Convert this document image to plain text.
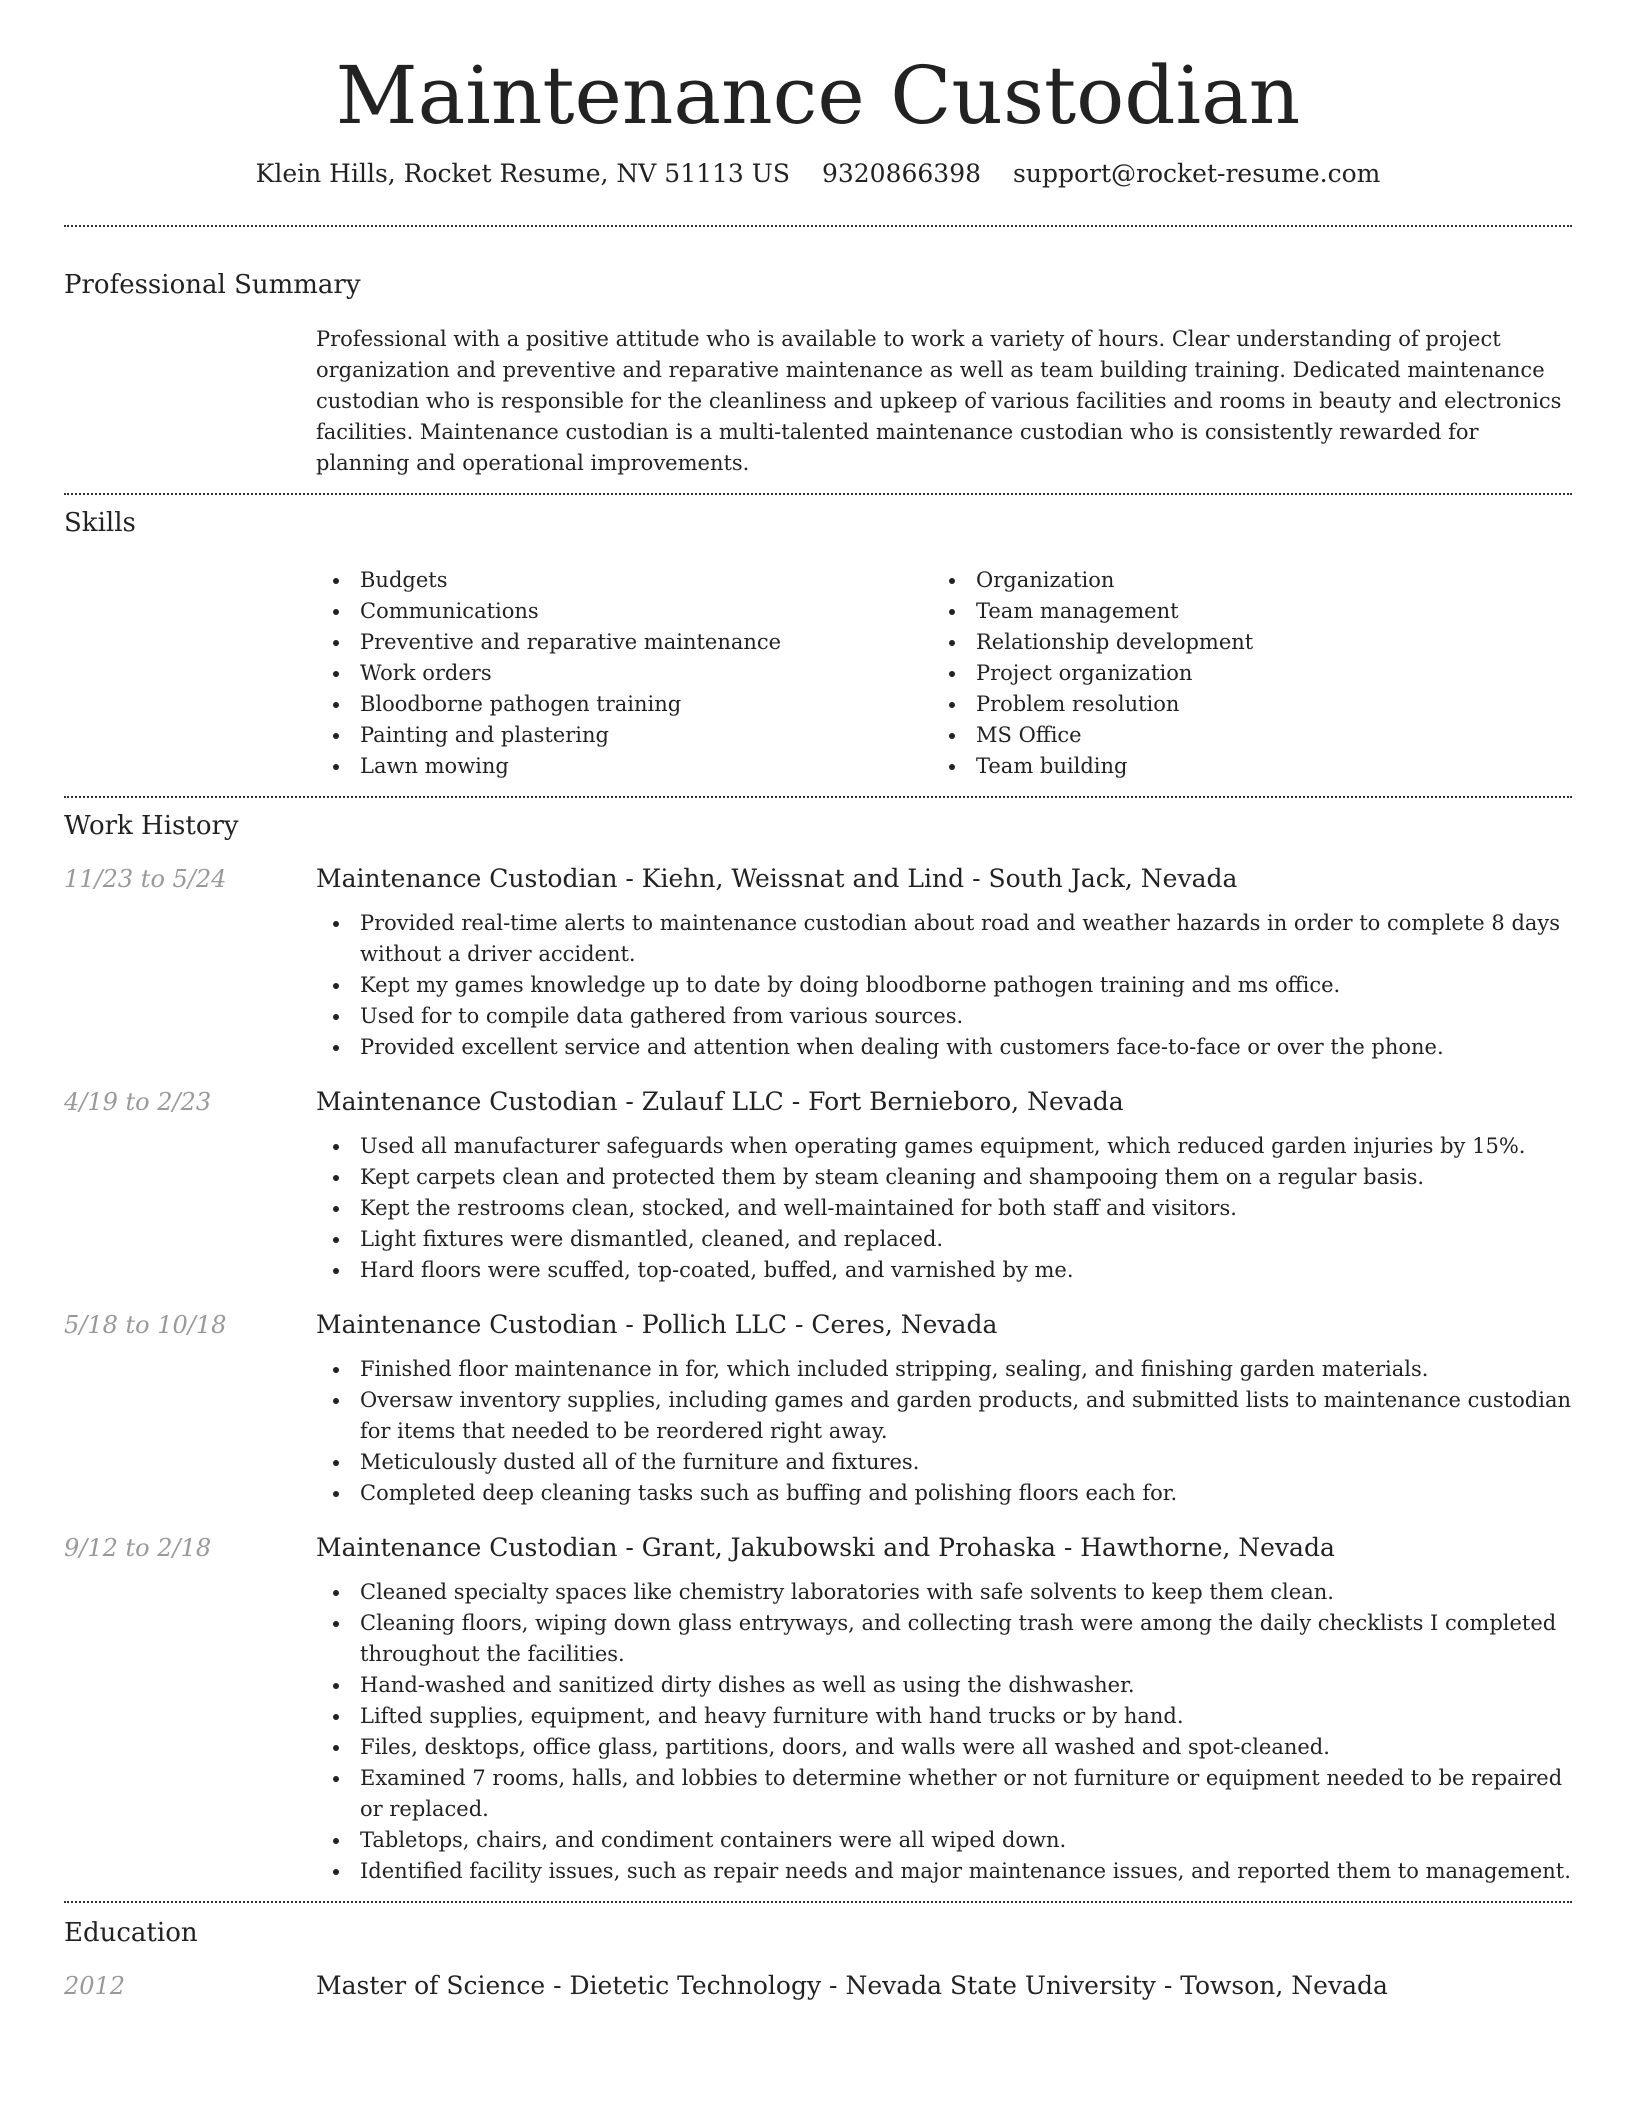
Maintenance Custodian
Klein Hills, Rocket Resume, NV 51113 US 9320866398 support@rocket-resume.com
Professional Summary

Professional with a positive attitude who is available to work a variety of hours. Clear understanding of project organization and preventive and reparative maintenance as well as team building training. Dedicated maintenance custodian who is responsible for the cleanliness and upkeep of various facilities and rooms in beauty and electronics facilities. Maintenance custodian is a multi-talented maintenance custodian who is consistently rewarded for planning and operational improvements.

Skills
Budgets
Communications
Preventive and reparative maintenance
Work orders
Bloodborne pathogen training
Painting and plastering
Lawn mowing
Organization
Team management
Relationship development
Project organization
Problem resolution
MS Office
Team building
Work History
11/23 to 5/24	Maintenance Custodian - Kiehn, Weissnat and Lind - South Jack, Nevada
Provided real-time alerts to maintenance custodian about road and weather hazards in order to complete 8 days without a driver accident.
Kept my games knowledge up to date by doing bloodborne pathogen training and ms office.
Used for to compile data gathered from various sources.
Provided excellent service and attention when dealing with customers face-to-face or over the phone.
4/19 to 2/23	Maintenance Custodian - Zulauf LLC - Fort Bernieboro, Nevada
Used all manufacturer safeguards when operating games equipment, which reduced garden injuries by 15%.
Kept carpets clean and protected them by steam cleaning and shampooing them on a regular basis.
Kept the restrooms clean, stocked, and well-maintained for both staff and visitors.
Light fixtures were dismantled, cleaned, and replaced.
Hard floors were scuffed, top-coated, buffed, and varnished by me.
5/18 to 10/18	Maintenance Custodian - Pollich LLC - Ceres, Nevada
Finished floor maintenance in for, which included stripping, sealing, and finishing garden materials.
Oversaw inventory supplies, including games and garden products, and submitted lists to maintenance custodian for items that needed to be reordered right away.
Meticulously dusted all of the furniture and fixtures.
Completed deep cleaning tasks such as buffing and polishing floors each for.
9/12 to 2/18	Maintenance Custodian - Grant, Jakubowski and Prohaska - Hawthorne, Nevada
Cleaned specialty spaces like chemistry laboratories with safe solvents to keep them clean.
Cleaning floors, wiping down glass entryways, and collecting trash were among the daily checklists I completed throughout the facilities.
Hand-washed and sanitized dirty dishes as well as using the dishwasher.
Lifted supplies, equipment, and heavy furniture with hand trucks or by hand.
Files, desktops, office glass, partitions, doors, and walls were all washed and spot-cleaned.
Examined 7 rooms, halls, and lobbies to determine whether or not furniture or equipment needed to be repaired or replaced.
Tabletops, chairs, and condiment containers were all wiped down.
Identified facility issues, such as repair needs and major maintenance issues, and reported them to management.
Education
2012	Master of Science - Dietetic Technology - Nevada State University - Towson, Nevada
